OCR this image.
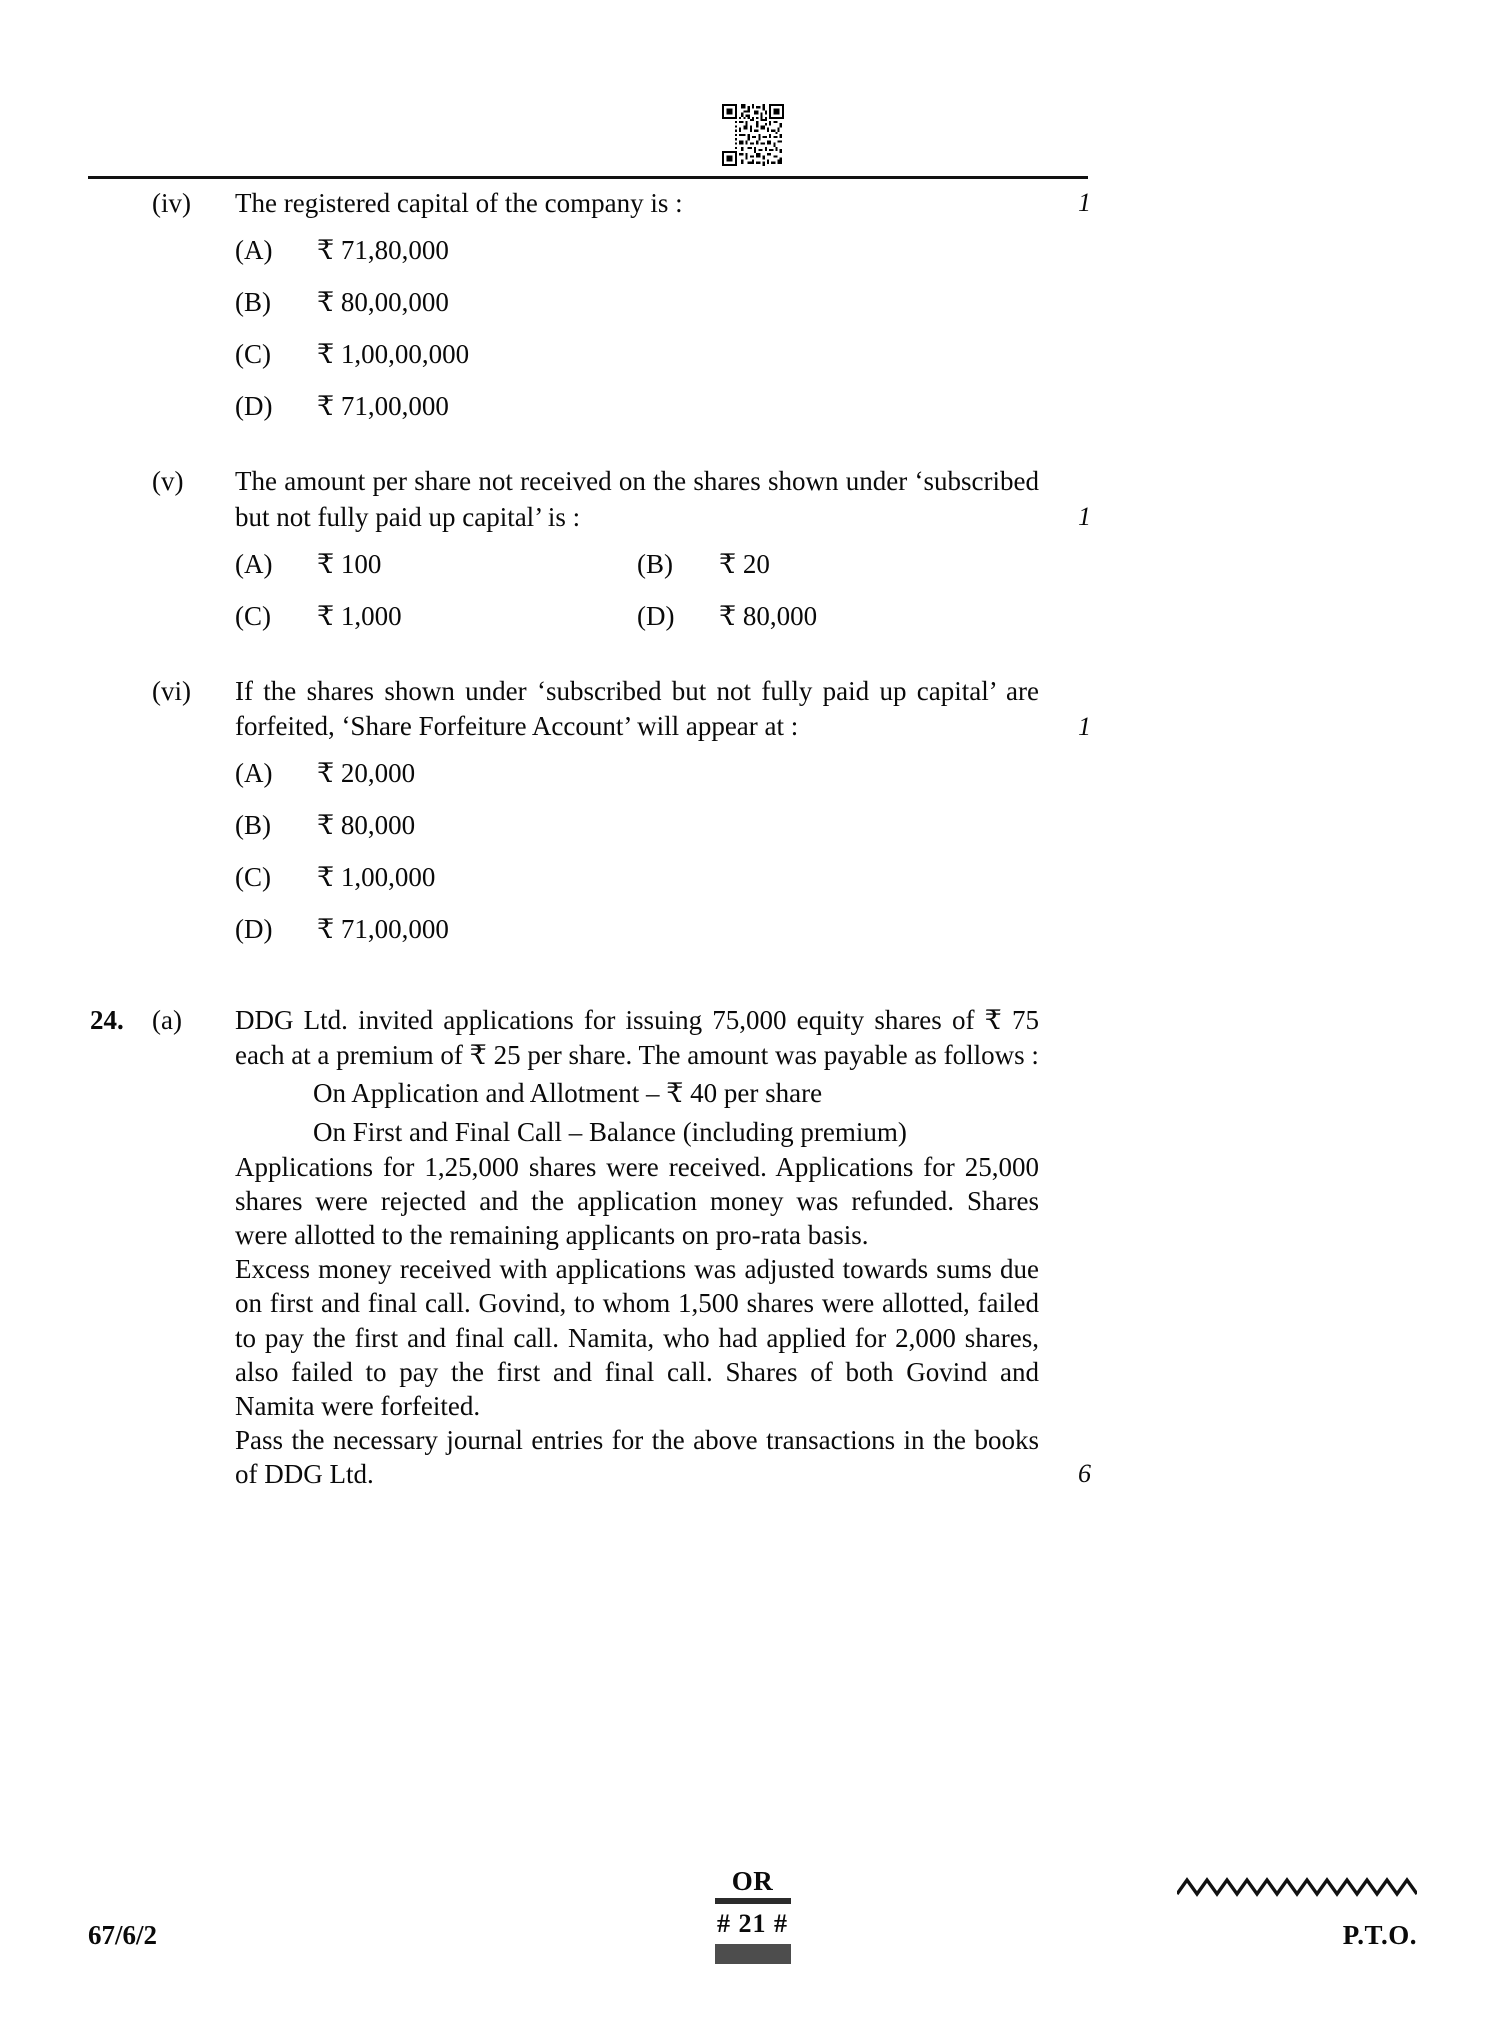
(iv)	The registered capital of the company is :
(A)	₹ 71,80,000
(B)	₹ 80,00,000
(C)	₹ 1,00,00,000
(D)	₹ 71,00,000
1
(v)	The amount per share not received on the shares shown under ‘subscribed but not fully paid up capital’ is :
(A)	₹ 100	(B)	₹ 20
(C)	₹ 1,000	(D)	₹ 80,000
1
(vi)	If the shares shown under ‘subscribed but not fully paid up capital’ are forfeited, ‘Share Forfeiture Account’ will appear at :
(A)	₹ 20,000
(B)	₹ 80,000
(C)	₹ 1,00,000
(D)	₹ 71,00,000
1
24.	(a)	DDG Ltd. invited applications for issuing 75,000 equity shares of ₹ 75 each at a premium of ₹ 25 per share. The amount was payable as follows :

On Application and Allotment – ₹ 40 per share
On First and Final Call – Balance (including premium)

Applications for 1,25,000 shares were received. Applications for 25,000 shares were rejected and the application money was refunded. Shares were allotted to the remaining applicants on pro-rata basis.

Excess money received with applications was adjusted towards sums due on first and final call. Govind, to whom 1,500 shares were allotted, failed to pay the first and final call. Namita, who had applied for 2,000 shares, also failed to pay the first and final call. Shares of both Govind and Namita were forfeited.

Pass the necessary journal entries for the above transactions in the books of DDG Ltd.	6
OR
67/6/2	# 21 #	P.T.O.
